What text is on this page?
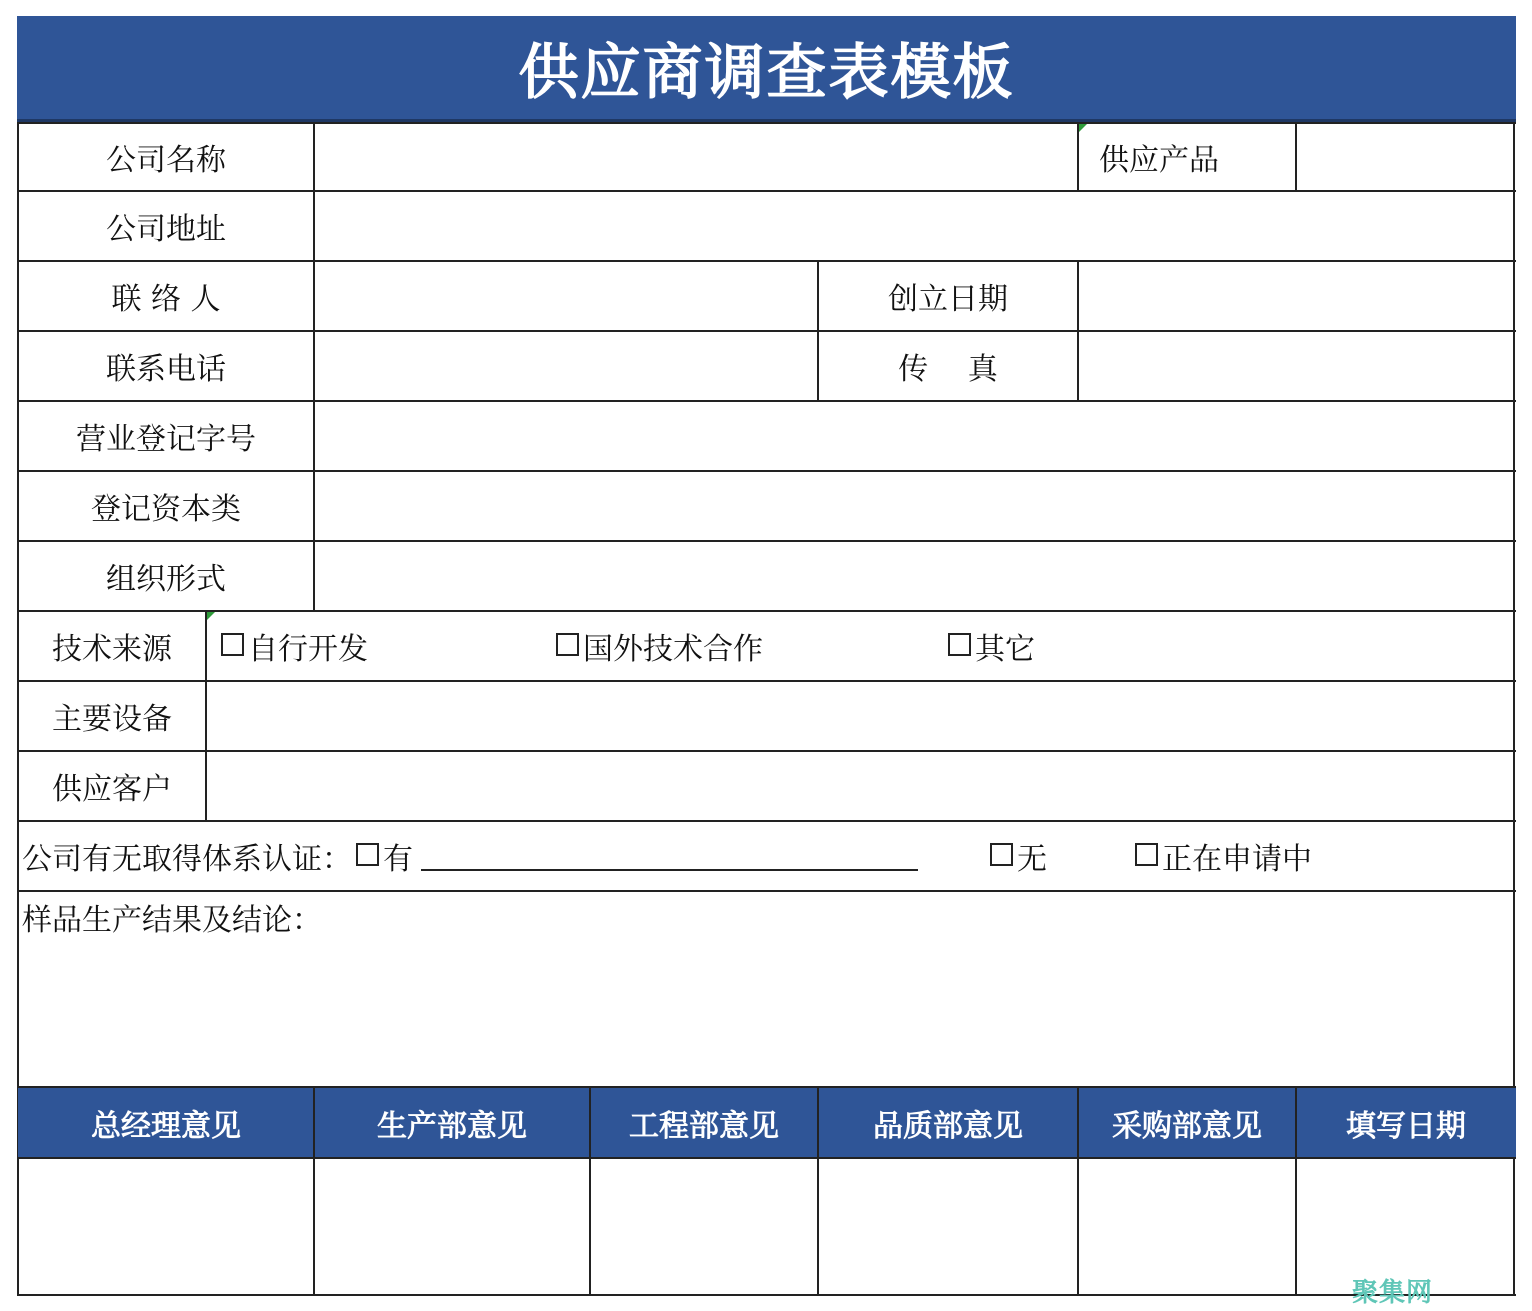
供应商调查表模板
公司名称	供应产品
公司地址
联 络 人	创立日期
联系电话	传　 真
营业登记字号
登记资本类
组织形式
技术来源	自行开发	国外技术合作	其它
主要设备
供应客户
公司有无取得体系认证： 有	无	正在申请中
样品生产结果及结论：
总经理意见	生产部意见	工程部意见	品质部意见	采购部意见	填写日期
聚集网
